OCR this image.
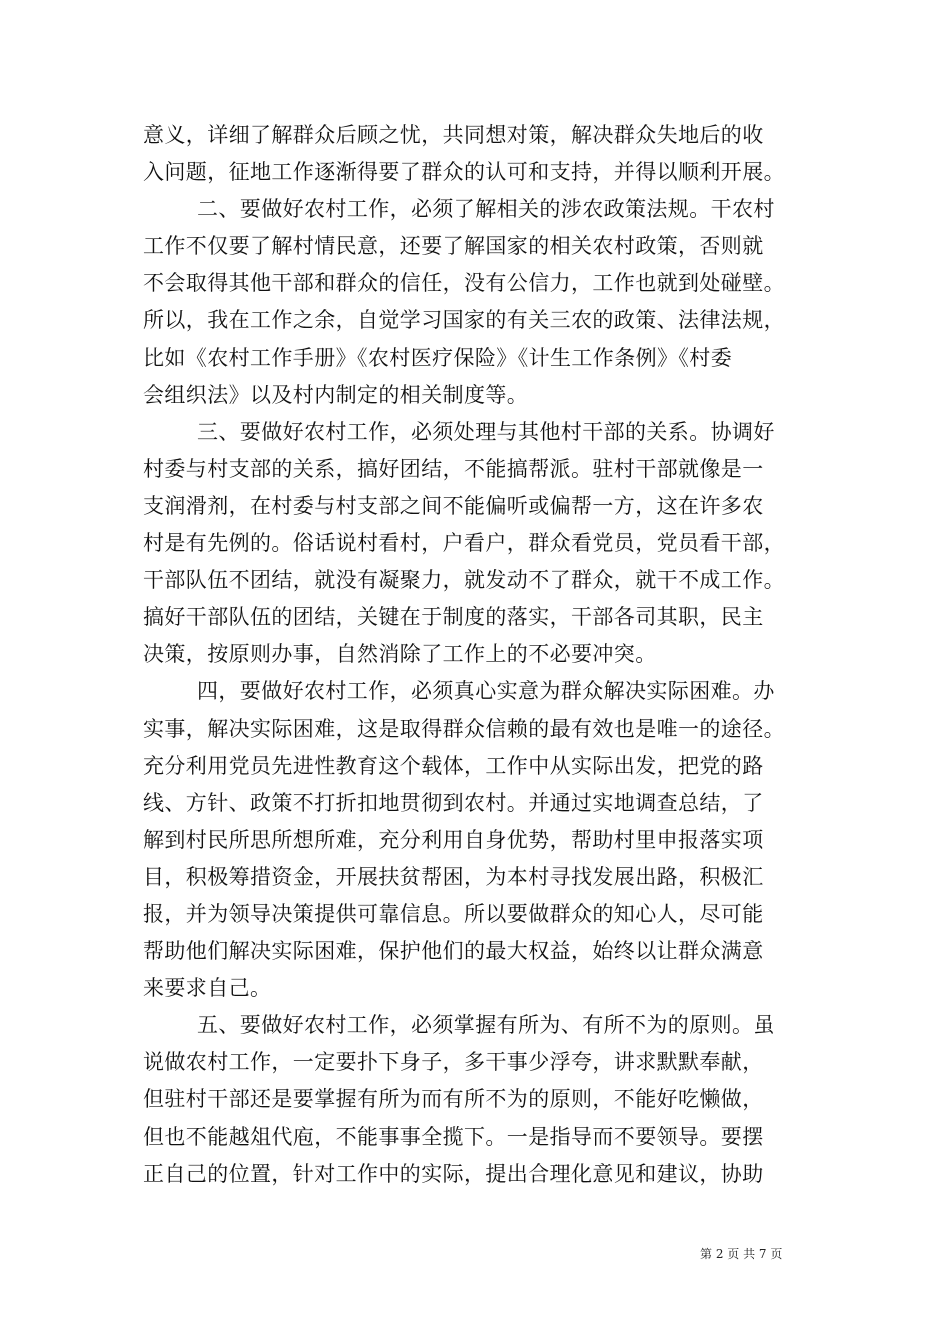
意义，详细了解群众后顾之忧，共同想对策，解决群众失地后的收
入问题，征地工作逐渐得要了群众的认可和支持，并得以顺利开展。
二、要做好农村工作，必须了解相关的涉农政策法规。干农村
工作不仅要了解村情民意，还要了解国家的相关农村政策，否则就
不会取得其他干部和群众的信任，没有公信力，工作也就到处碰壁。
所以，我在工作之余，自觉学习国家的有关三农的政策、法律法规，
比如《农村工作手册》《农村医疗保险》《计生工作条例》《村委
会组织法》以及村内制定的相关制度等。
三、要做好农村工作，必须处理与其他村干部的关系。协调好
村委与村支部的关系，搞好团结，不能搞帮派。驻村干部就像是一
支润滑剂，在村委与村支部之间不能偏听或偏帮一方，这在许多农
村是有先例的。俗话说村看村，户看户，群众看党员，党员看干部，
干部队伍不团结，就没有凝聚力，就发动不了群众，就干不成工作。
搞好干部队伍的团结，关键在于制度的落实，干部各司其职，民主
决策，按原则办事，自然消除了工作上的不必要冲突。
四，要做好农村工作，必须真心实意为群众解决实际困难。办
实事，解决实际困难，这是取得群众信赖的最有效也是唯一的途径。
充分利用党员先进性教育这个载体，工作中从实际出发，把党的路
线、方针、政策不打折扣地贯彻到农村。并通过实地调查总结，了
解到村民所思所想所难，充分利用自身优势，帮助村里申报落实项
目，积极筹措资金，开展扶贫帮困，为本村寻找发展出路，积极汇
报，并为领导决策提供可靠信息。所以要做群众的知心人，尽可能
帮助他们解决实际困难，保护他们的最大权益，始终以让群众满意
来要求自己。
五、要做好农村工作，必须掌握有所为、有所不为的原则。虽
说做农村工作，一定要扑下身子，多干事少浮夸，讲求默默奉献，
但驻村干部还是要掌握有所为而有所不为的原则，不能好吃懒做，
但也不能越俎代庖，不能事事全揽下。一是指导而不要领导。要摆
正自己的位置，针对工作中的实际，提出合理化意见和建议，协助
第 2 页 共 7 页
